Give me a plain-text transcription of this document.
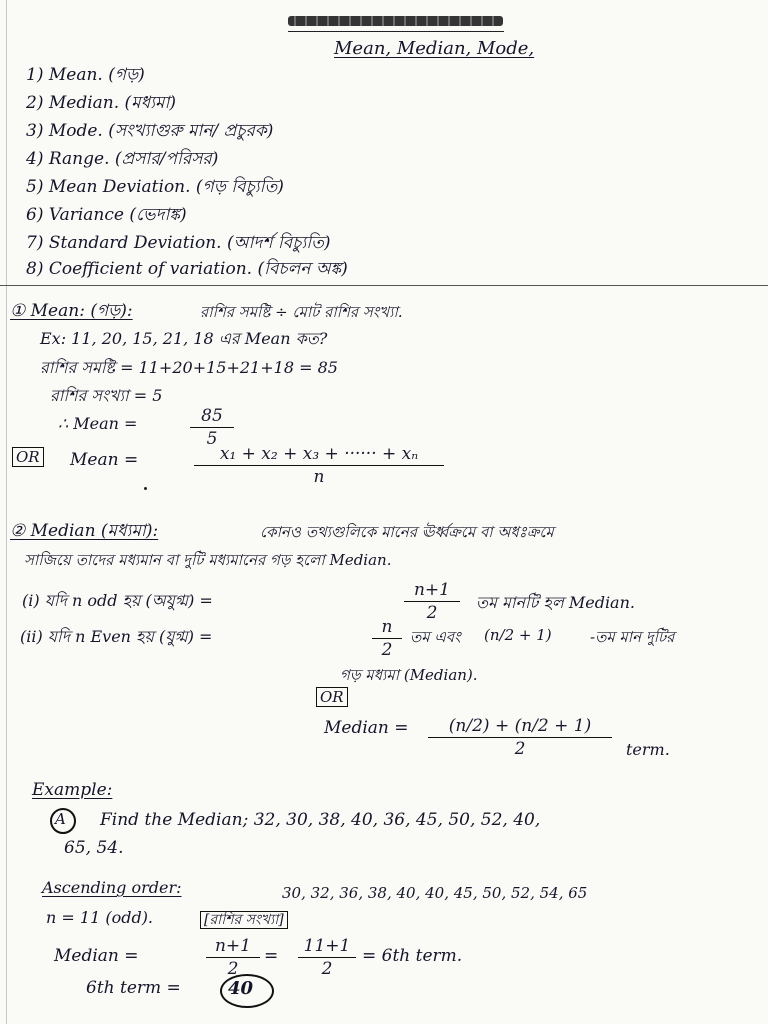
Mean, Median, Mode,
1) Mean. (গড়)
2) Median. (মধ্যমা)
3) Mode. (সংখ্যাগুরু মান/ প্রচুরক)
4) Range. (প্রসার/পরিসর)
5) Mean Deviation. (গড় বিচ্যুতি)
6) Variance (ভেদাঙ্ক)
7) Standard Deviation. (আদর্শ বিচ্যুতি)
8) Coefficient of variation. (বিচলন অঙ্ক)
① Mean: (গড়):	রাশির সমষ্টি ÷ মোট রাশির সংখ্যা.
Ex: 11, 20, 15, 21, 18 এর Mean কত?
রাশির সমষ্টি = 11+20+15+21+18 = 85
রাশির সংখ্যা = 5
∴ Mean =	$\frac{85}{5}$
OR Mean =	$\frac{\text{x₁ + x₂ + x₃ + ······ + xₙ}}{n}$
② Median (মধ্যমা):	কোনও তথ্যগুলিকে মানের ঊর্ধ্বক্রমে বা অধঃক্রমে
সাজিয়ে তাদের মধ্যমান বা দুটি মধ্যমানের গড় হলো Median.
(i) যদি n odd হয় (অযুগ্ম) =	$\frac{n+1}{2}$ তম মানটি হল Median.
(ii) যদি n Even হয় (যুগ্ম) =	$\frac{n}{2}$ তম এবং (n/2 + 1)	-তম মান দুটির
গড় মধ্যমা (Median).
OR
Median = $\frac{(n/2) + (n/2 + 1)}{2}$ term.
Example:
A Find the Median; 32, 30, 38, 40, 36, 45, 50, 52, 40,
65, 54.
Ascending order:	30, 32, 36, 38, 40, 40, 45, 50, 52, 54, 65
n = 11 (odd).	[রাশির সংখ্যা]
Median =	$\frac{n+1}{2} = \frac{11+1}{2} = 6th$ term.
6th term =	40
